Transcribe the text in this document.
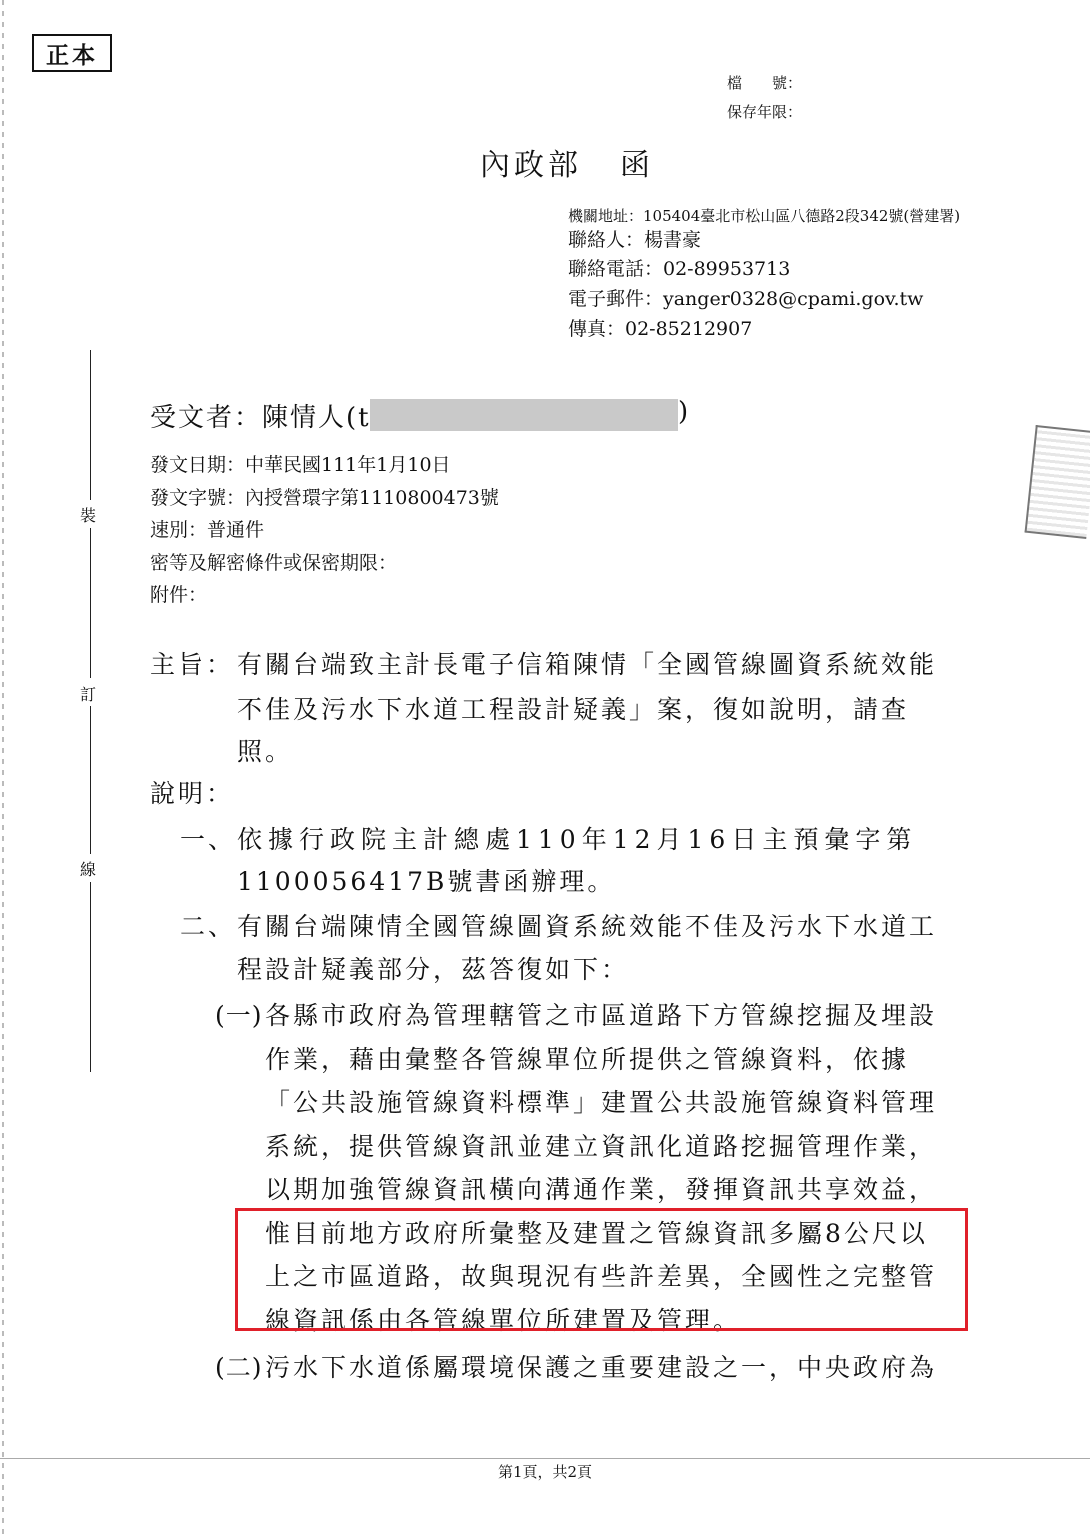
正本
檔　　號：
保存年限：
內政部 函
機關地址：105404臺北市松山區八德路2段342號(營建署)
聯絡人：楊書豪
聯絡電話：02-89953713
電子郵件：yanger0328@cpami.gov.tw
傳真：02-85212907
裝
訂
線
受文者：陳情人(t	)
發文日期：中華民國111年1月10日
發文字號：內授營環字第1110800473號
速別：普通件
密等及解密條件或保密期限：
附件：
主旨： 有關台端致主計長電子信箱陳情「全國管線圖資系統效能
不佳及污水下水道工程設計疑義」案，復如說明，請查
照。
說明：
一、 依據行政院主計總處110年12月16日主預彙字第
1100056417B號書函辦理。
二、 有關台端陳情全國管線圖資系統效能不佳及污水下水道工
程設計疑義部分，茲答復如下：
(一) 各縣市政府為管理轄管之市區道路下方管線挖掘及埋設
作業，藉由彙整各管線單位所提供之管線資料，依據
「公共設施管線資料標準」建置公共設施管線資料管理
系統，提供管線資訊並建立資訊化道路挖掘管理作業，
以期加強管線資訊橫向溝通作業，發揮資訊共享效益，
惟目前地方政府所彙整及建置之管線資訊多屬8公尺以
上之市區道路，故與現況有些許差異，全國性之完整管
線資訊係由各管線單位所建置及管理。
(二) 污水下水道係屬環境保護之重要建設之一，中央政府為
第1頁，共2頁
